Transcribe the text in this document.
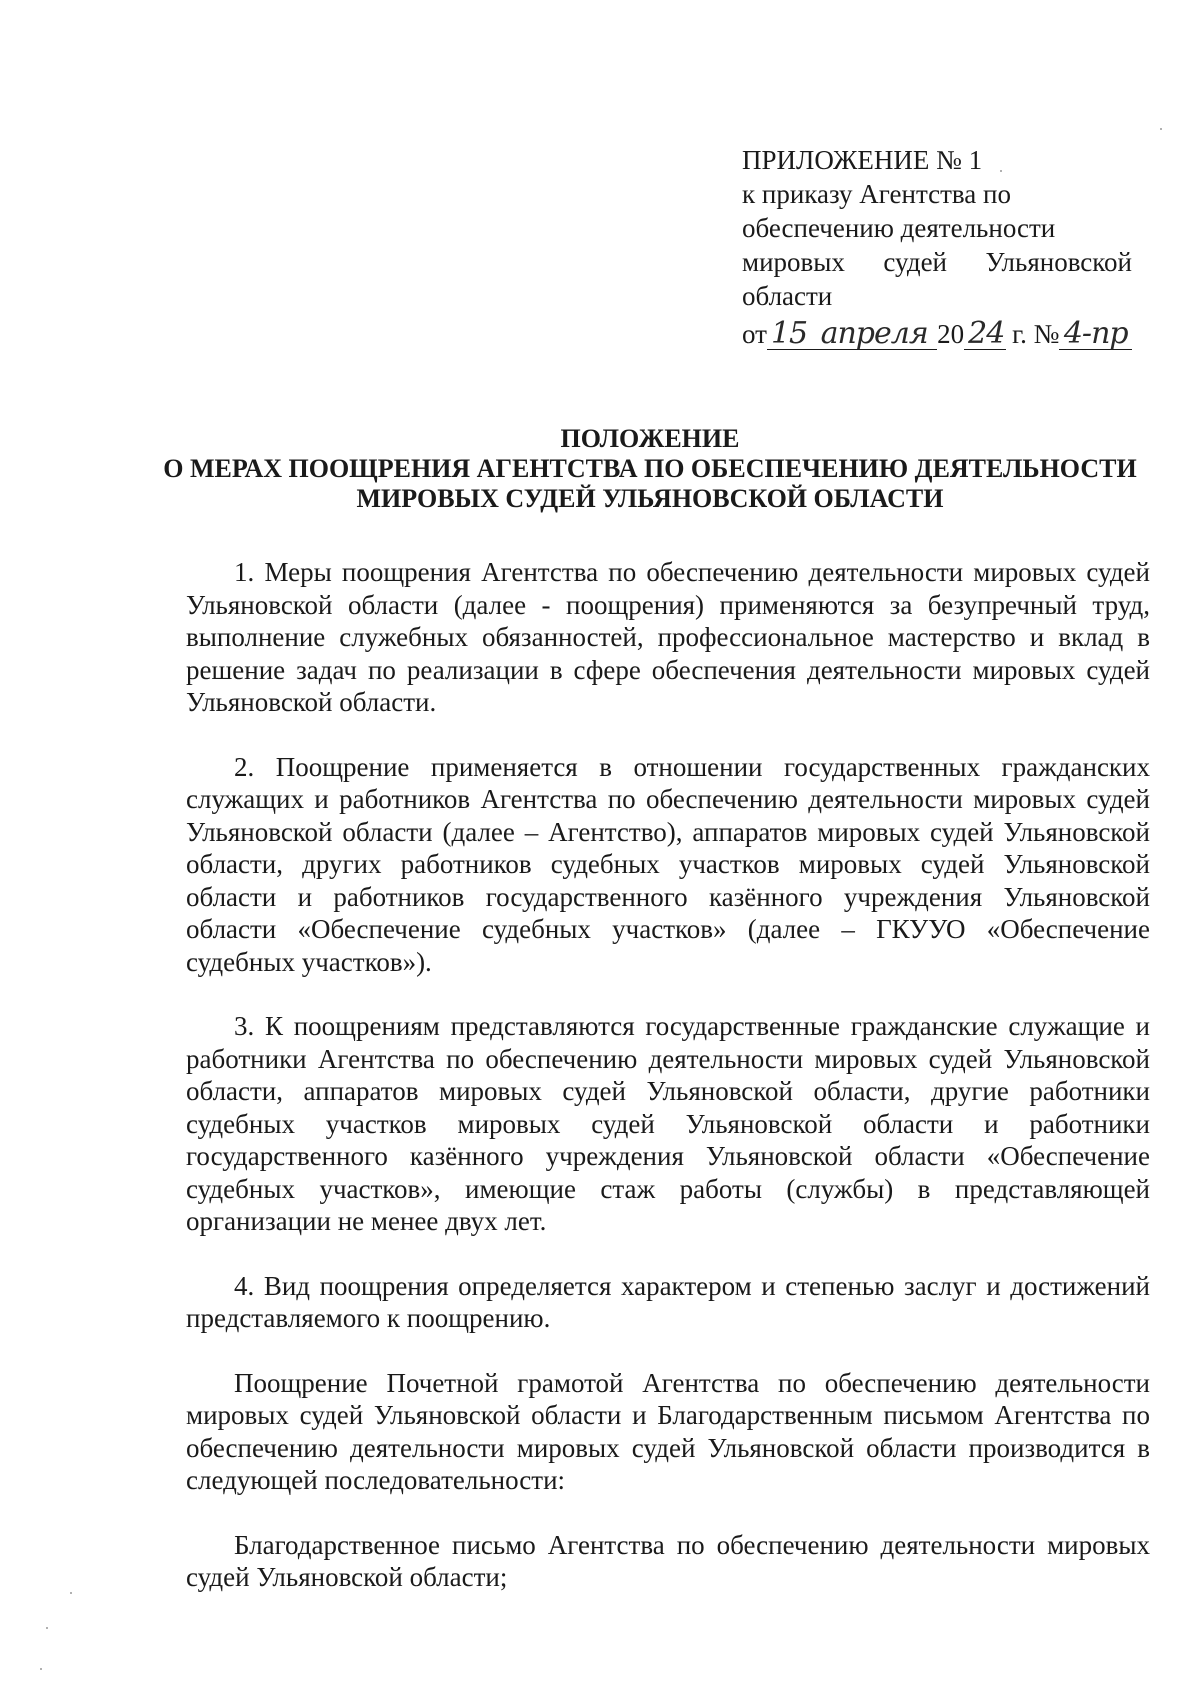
ПРИЛОЖЕНИЕ № 1
к приказу Агентства по
обеспечению деятельности
мировых судей Ульяновской
области
от 15 апреля 20 24 г. № 4-пр
ПОЛОЖЕНИЕ
О МЕРАХ ПООЩРЕНИЯ АГЕНТСТВА ПО ОБЕСПЕЧЕНИЮ ДЕЯТЕЛЬНОСТИ
МИРОВЫХ СУДЕЙ УЛЬЯНОВСКОЙ ОБЛАСТИ

1. Меры поощрения Агентства по обеспечению деятельности мировых судей Ульяновской области (далее - поощрения) применяются за безупречный труд, выполнение служебных обязанностей, профессиональное мастерство и вклад в решение задач по реализации в сфере обеспечения деятельности мировых судей Ульяновской области.

2. Поощрение применяется в отношении государственных гражданских служащих и работников Агентства по обеспечению деятельности мировых судей Ульяновской области (далее – Агентство), аппаратов мировых судей Ульяновской области, других работников судебных участков мировых судей Ульяновской области и работников государственного казённого учреждения Ульяновской области «Обеспечение судебных участков» (далее – ГКУУО «Обеспечение судебных участков»).

3. К поощрениям представляются государственные гражданские служащие и работники Агентства по обеспечению деятельности мировых судей Ульяновской области, аппаратов мировых судей Ульяновской области, другие работники судебных участков мировых судей Ульяновской области и работники государственного казённого учреждения Ульяновской области «Обеспечение судебных участков», имеющие стаж работы (службы) в представляющей организации не менее двух лет.

4. Вид поощрения определяется характером и степенью заслуг и достижений представляемого к поощрению.

Поощрение Почетной грамотой Агентства по обеспечению деятельности мировых судей Ульяновской области и Благодарственным письмом Агентства по обеспечению деятельности мировых судей Ульяновской области производится в следующей последовательности:

Благодарственное письмо Агентства по обеспечению деятельности мировых судей Ульяновской области;
